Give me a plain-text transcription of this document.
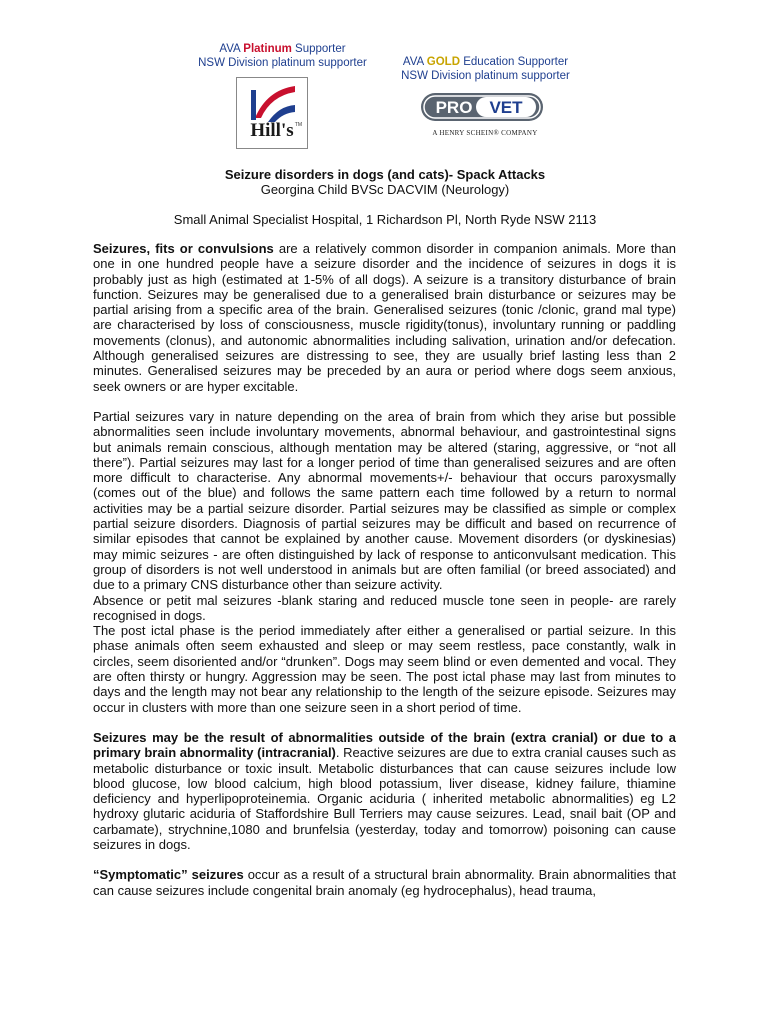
AVA Platinum Supporter
NSW Division platinum supporter
TM
Hill's
AVA GOLD Education Supporter
NSW Division platinum supporter
PRO VET
A HENRY SCHEIN® COMPANY
Seizure disorders in dogs (and cats)- Spack Attacks
Georgina Child BVSc DACVIM (Neurology)
Small Animal Specialist Hospital, 1 Richardson Pl, North Ryde NSW 2113

Seizures, fits or convulsions are a relatively common disorder in companion animals. More than one in one hundred people have a seizure disorder and the incidence of seizures in dogs it is probably just as high (estimated at 1-5% of all dogs). A seizure is a transitory disturbance of brain function. Seizures may be generalised due to a generalised brain disturbance or seizures may be partial arising from a specific area of the brain. Generalised seizures (tonic /clonic, grand mal type) are characterised by loss of consciousness, muscle rigidity(tonus), involuntary running or paddling movements (clonus), and autonomic abnormalities including salivation, urination and/or defecation. Although generalised seizures are distressing to see, they are usually brief lasting less than 2 minutes. Generalised seizures may be preceded by an aura or period where dogs seem anxious, seek owners or are hyper excitable.

Partial seizures vary in nature depending on the area of brain from which they arise but possible abnormalities seen include involuntary movements, abnormal behaviour, and gastrointestinal signs but animals remain conscious, although mentation may be altered (staring, aggressive, or “not all there”). Partial seizures may last for a longer period of time than generalised seizures and are often more difficult to characterise. Any abnormal movements+/- behaviour that occurs paroxysmally (comes out of the blue) and follows the same pattern each time followed by a return to normal activities may be a partial seizure disorder. Partial seizures may be classified as simple or complex partial seizure disorders. Diagnosis of partial seizures may be difficult and based on recurrence of similar episodes that cannot be explained by another cause. Movement disorders (or dyskinesias) may mimic seizures - are often distinguished by lack of response to anticonvulsant medication. This group of disorders is not well understood in animals but are often familial (or breed associated) and due to a primary CNS disturbance other than seizure activity.

Absence or petit mal seizures -blank staring and reduced muscle tone seen in people- are rarely recognised in dogs.

The post ictal phase is the period immediately after either a generalised or partial seizure. In this phase animals often seem exhausted and sleep or may seem restless, pace constantly, walk in circles, seem disoriented and/or “drunken”. Dogs may seem blind or even demented and vocal. They are often thirsty or hungry. Aggression may be seen. The post ictal phase may last from minutes to days and the length may not bear any relationship to the length of the seizure episode. Seizures may occur in clusters with more than one seizure seen in a short period of time.

Seizures may be the result of abnormalities outside of the brain (extra cranial) or due to a primary brain abnormality (intracranial). Reactive seizures are due to extra cranial causes such as metabolic disturbance or toxic insult. Metabolic disturbances that can cause seizures include low blood glucose, low blood calcium, high blood potassium, liver disease, kidney failure, thiamine deficiency and hyperlipoproteinemia. Organic aciduria ( inherited metabolic abnormalities) eg L2 hydroxy glutaric aciduria of Staffordshire Bull Terriers may cause seizures. Lead, snail bait (OP and carbamate), strychnine,1080 and brunfelsia (yesterday, today and tomorrow) poisoning can cause seizures in dogs.

“Symptomatic” seizures occur as a result of a structural brain abnormality. Brain abnormalities that can cause seizures include congenital brain anomaly (eg hydrocephalus), head trauma,
